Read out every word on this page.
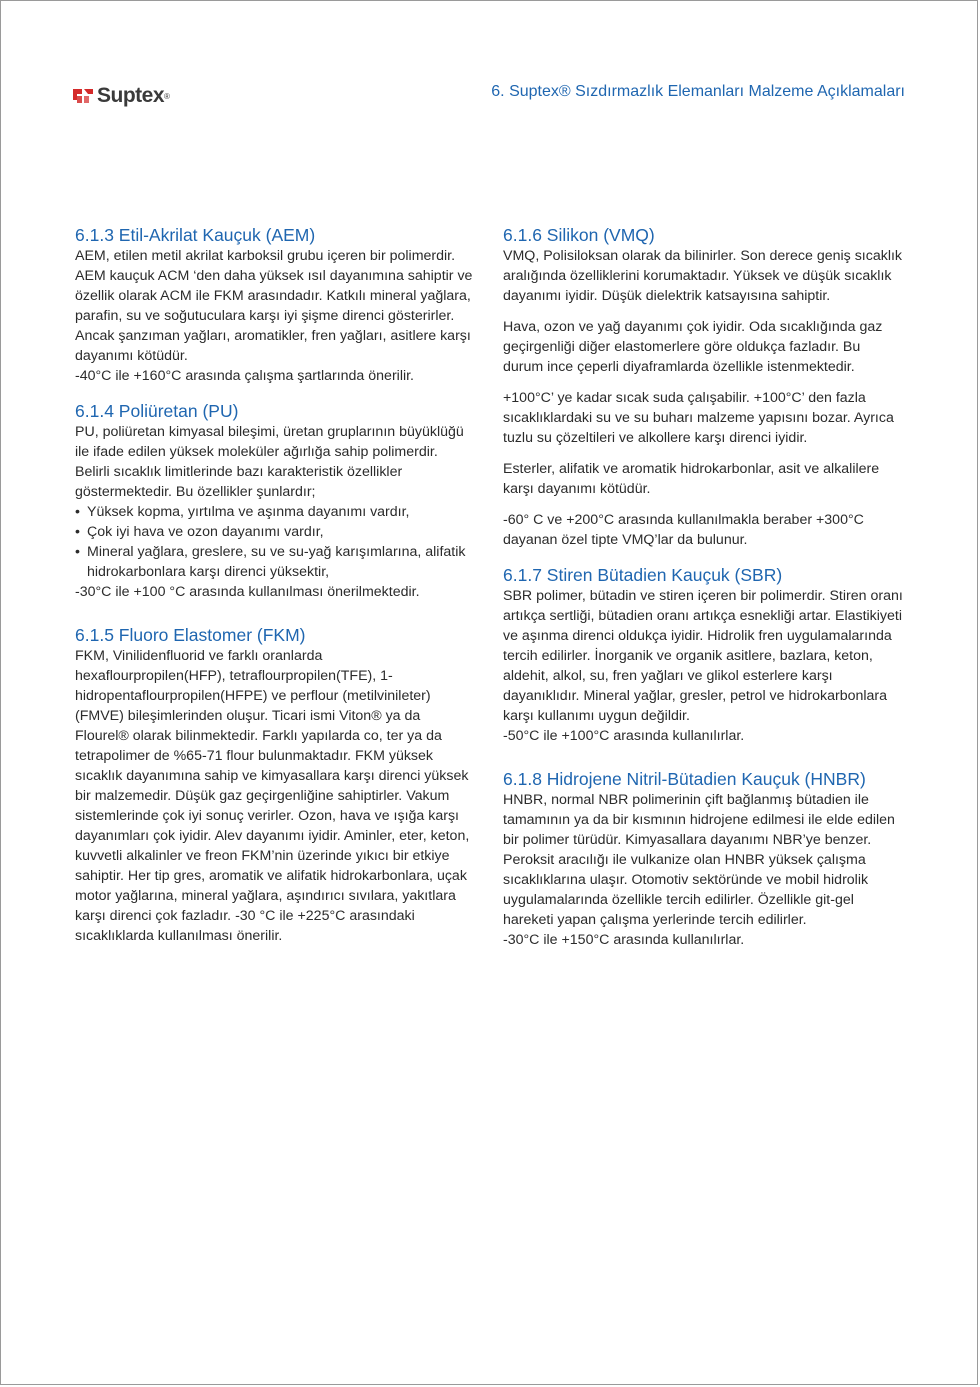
Suptex ®	6. Suptex® Sızdırmazlık Elemanları Malzeme Açıklamaları
6.1.3 Etil-Akrilat Kauçuk (AEM)

AEM, etilen metil akrilat karboksil grubu içeren bir polimerdir. AEM kauçuk ACM ‘den daha yüksek ısıl dayanımına sahiptir ve özellik olarak ACM ile FKM arasındadır. Katkılı mineral yağlara, parafin, su ve soğutuculara karşı iyi şişme direnci gösterirler. Ancak şanzıman yağları, aromatikler, fren yağları, asitlere karşı dayanımı kötüdür.

-40°C ile +160°C arasında çalışma şartlarında önerilir.

6.1.4 Poliüretan (PU)

PU, poliüretan kimyasal bileşimi, üretan gruplarının büyüklüğü ile ifade edilen yüksek moleküler ağırlığa sahip polimerdir. Belirli sıcaklık limitlerinde bazı karakteristik özellikler göstermektedir. Bu özellikler şunlardır;

• Yüksek kopma, yırtılma ve aşınma dayanımı vardır,
• Çok iyi hava ve ozon dayanımı vardır,
• Mineral yağlara, greslere, su ve su-yağ karışımlarına, alifatik hidrokarbonlara karşı direnci yüksektir,

-30°C ile +100 °C arasında kullanılması önerilmektedir.

6.1.5 Fluoro Elastomer (FKM)

FKM, Vinilidenfluorid ve farklı oranlarda hexaflourpropilen(HFP), tetraflourpropilen(TFE), 1-hidropentaflourpropilen(HFPE) ve perflour (metilvinileter) (FMVE) bileşimlerinden oluşur. Ticari ismi Viton® ya da Flourel® olarak bilinmektedir. Farklı yapılarda co, ter ya da tetrapolimer de %65-71 flour bulunmaktadır. FKM yüksek sıcaklık dayanımına sahip ve kimyasallara karşı direnci yüksek bir malzemedir. Düşük gaz geçirgenliğine sahiptirler. Vakum sistemlerinde çok iyi sonuç verirler. Ozon, hava ve ışığa karşı dayanımları çok iyidir. Alev dayanımı iyidir. Aminler, eter, keton, kuvvetli alkalinler ve freon FKM’nin üzerinde yıkıcı bir etkiye sahiptir. Her tip gres, aromatik ve alifatik hidrokarbonlara, uçak motor yağlarına, mineral yağlara, aşındırıcı sıvılara, yakıtlara karşı direnci çok fazladır. -30 °C ile +225°C arasındaki sıcaklıklarda kullanılması önerilir.

6.1.6 Silikon (VMQ)

VMQ, Polisiloksan olarak da bilinirler. Son derece geniş sıcaklık aralığında özelliklerini korumaktadır. Yüksek ve düşük sıcaklık dayanımı iyidir. Düşük dielektrik katsayısına sahiptir.

Hava, ozon ve yağ dayanımı çok iyidir. Oda sıcaklığında gaz geçirgenliği diğer elastomerlere göre oldukça fazladır. Bu durum ince çeperli diyaframlarda özellikle istenmektedir.

+100°C’ ye kadar sıcak suda çalışabilir. +100°C’ den fazla sıcaklıklardaki su ve su buharı malzeme yapısını bozar. Ayrıca tuzlu su çözeltileri ve alkollere karşı direnci iyidir.

Esterler, alifatik ve aromatik hidrokarbonlar, asit ve alkalilere karşı dayanımı kötüdür.

-60° C ve +200°C arasında kullanılmakla beraber +300°C dayanan özel tipte VMQ’lar da bulunur.

6.1.7 Stiren Bütadien Kauçuk (SBR)

SBR polimer, bütadin ve stiren içeren bir polimerdir. Stiren oranı artıkça sertliği, bütadien oranı artıkça esnekliği artar. Elastikiyeti ve aşınma direnci oldukça iyidir. Hidrolik fren uygulamalarında tercih edilirler. İnorganik ve organik asitlere, bazlara, keton, aldehit, alkol, su, fren yağları ve glikol esterlere karşı dayanıklıdır. Mineral yağlar, gresler, petrol ve hidrokarbonlara karşı kullanımı uygun değildir.

-50°C ile +100°C arasında kullanılırlar.

6.1.8 Hidrojene Nitril-Bütadien Kauçuk (HNBR)

HNBR, normal NBR polimerinin çift bağlanmış bütadien ile tamamının ya da bir kısmının hidrojene edilmesi ile elde edilen bir polimer türüdür. Kimyasallara dayanımı NBR’ye benzer. Peroksit aracılığı ile vulkanize olan HNBR yüksek çalışma sıcaklıklarına ulaşır. Otomotiv sektöründe ve mobil hidrolik uygulamalarında özellikle tercih edilirler. Özellikle git-gel hareketi yapan çalışma yerlerinde tercih edilirler.

-30°C ile +150°C arasında kullanılırlar.
